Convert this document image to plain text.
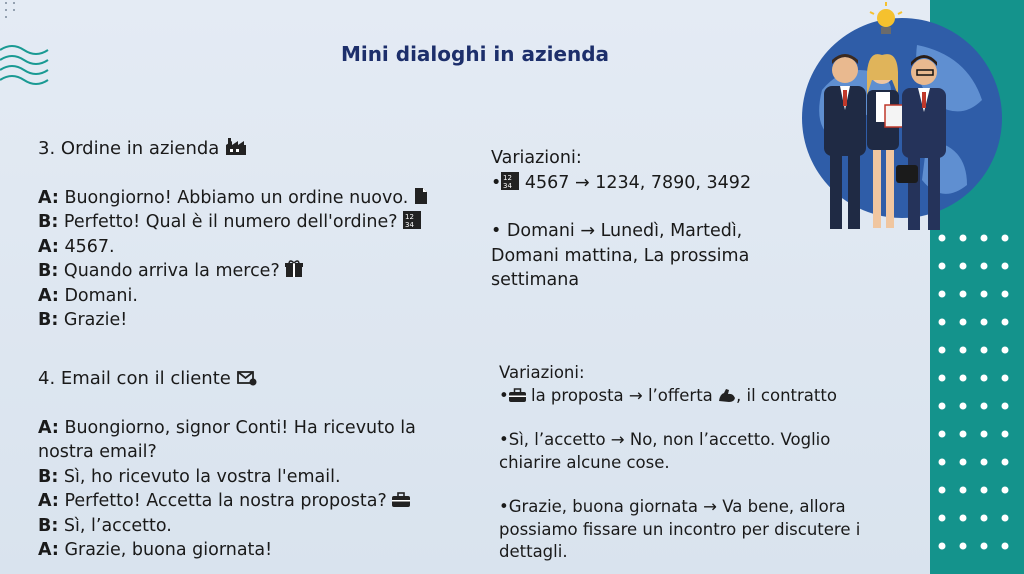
Mini dialoghi in azienda
3. Ordine in azienda
A: Buongiorno! Abbiamo un ordine nuovo.
B: Perfetto! Qual è il numero dell'ordine? 12
34
A: 4567.
B: Quando arriva la merce?
A: Domani.
B: Grazie!
Variazioni:
• 12
34 4567 → 1234, 7890, 3492
• Domani → Lunedì, Martedì,
Domani mattina, La prossima
settimana
4. Email con il cliente
A: Buongiorno, signor Conti! Ha ricevuto la
nostra email?
B: Sì, ho ricevuto la vostra l'email.
A: Perfetto! Accetta la nostra proposta?
B: Sì, l’accetto.
A: Grazie, buona giornata!
Variazioni:
• la proposta → l’offerta , il contratto
•Sì, l’accetto → No, non l’accetto. Voglio
chiarire alcune cose.
•Grazie, buona giornata → Va bene, allora
possiamo fissare un incontro per discutere i
dettagli.
